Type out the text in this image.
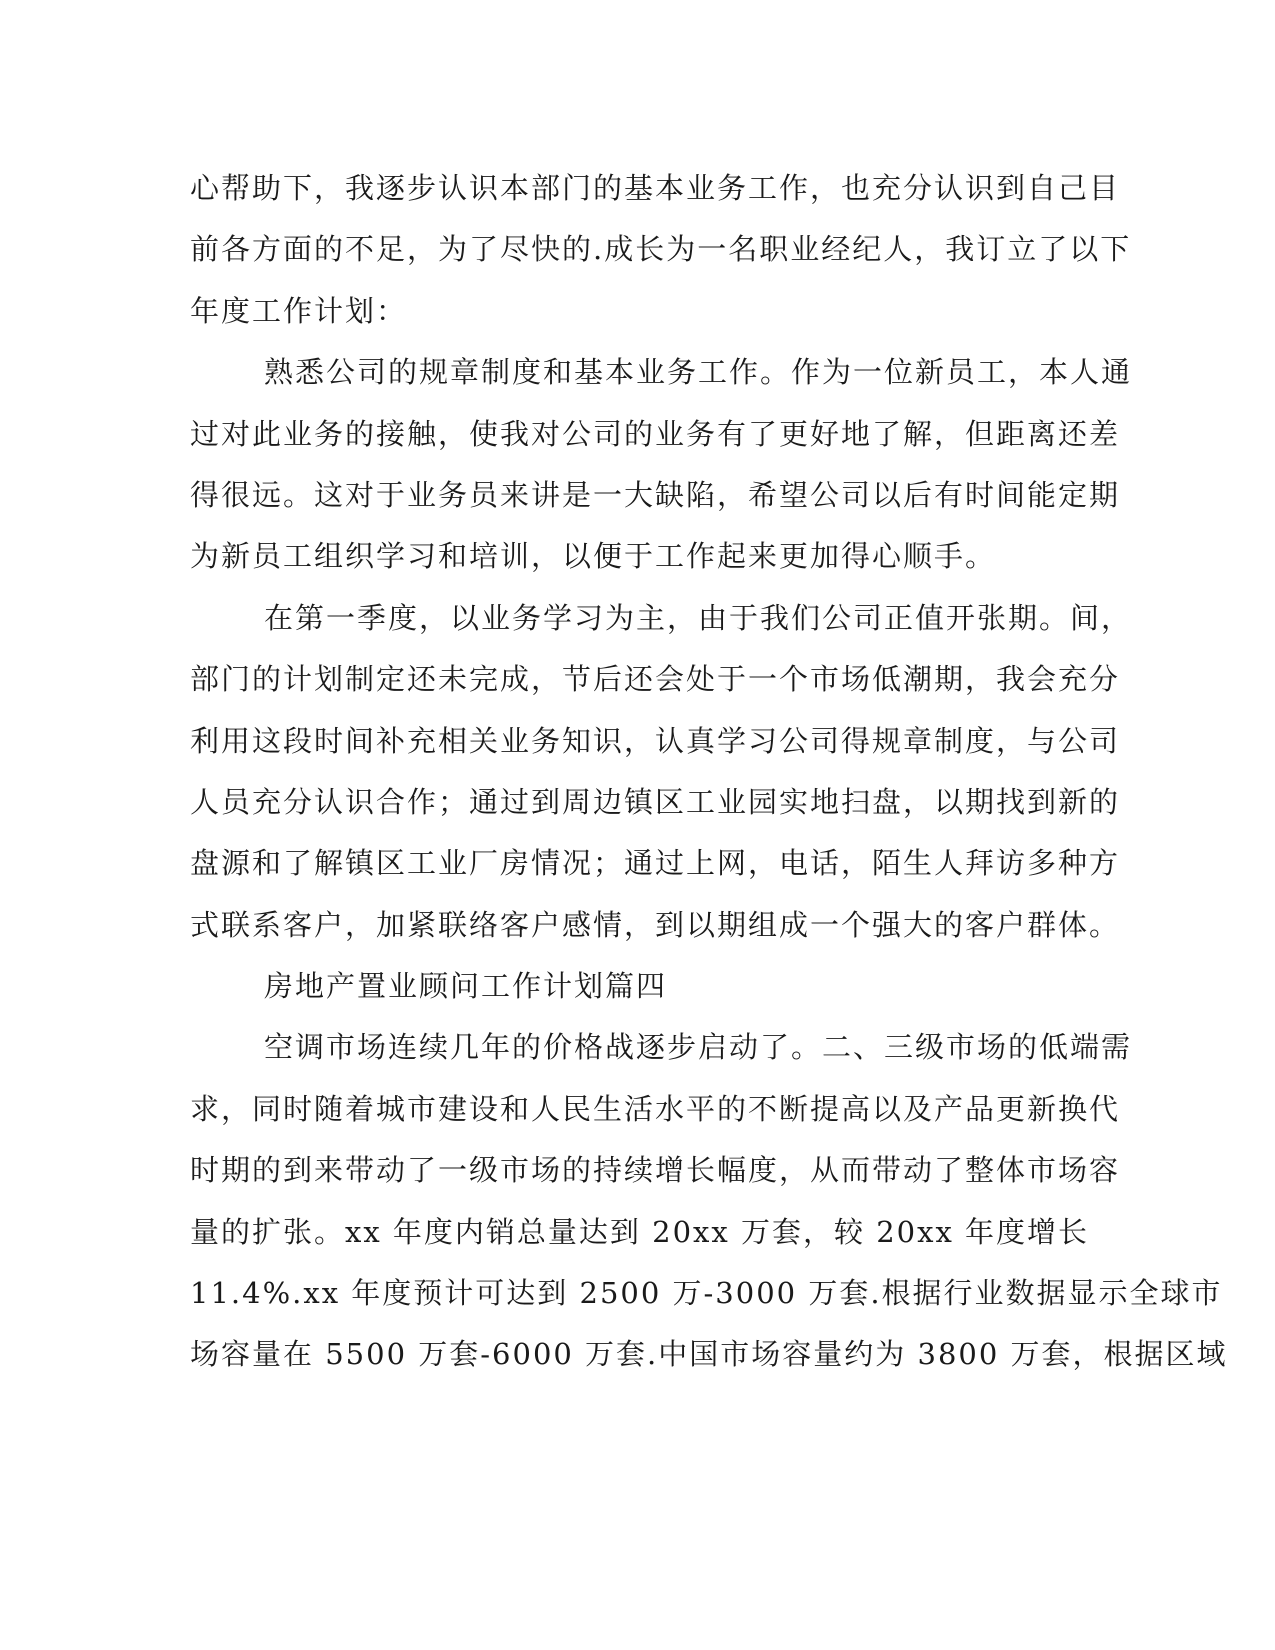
心帮助下，我逐步认识本部门的基本业务工作，也充分认识到自己目
前各方面的不足，为了尽快的.成长为一名职业经纪人，我订立了以下
年度工作计划：
熟悉公司的规章制度和基本业务工作。作为一位新员工，本人通
过对此业务的接触，使我对公司的业务有了更好地了解，但距离还差
得很远。这对于业务员来讲是一大缺陷，希望公司以后有时间能定期
为新员工组织学习和培训，以便于工作起来更加得心顺手。
在第一季度，以业务学习为主，由于我们公司正值开张期。间，
部门的计划制定还未完成，节后还会处于一个市场低潮期，我会充分
利用这段时间补充相关业务知识，认真学习公司得规章制度，与公司
人员充分认识合作；通过到周边镇区工业园实地扫盘，以期找到新的
盘源和了解镇区工业厂房情况；通过上网，电话，陌生人拜访多种方
式联系客户，加紧联络客户感情，到以期组成一个强大的客户群体。
房地产置业顾问工作计划篇四
空调市场连续几年的价格战逐步启动了。二、三级市场的低端需
求，同时随着城市建设和人民生活水平的不断提高以及产品更新换代
时期的到来带动了一级市场的持续增长幅度，从而带动了整体市场容
量的扩张。xx 年度内销总量达到 20xx 万套，较 20xx 年度增长
11.4%.xx 年度预计可达到 2500 万-3000 万套.根据行业数据显示全球市
场容量在 5500 万套-6000 万套.中国市场容量约为 3800 万套，根据区域
